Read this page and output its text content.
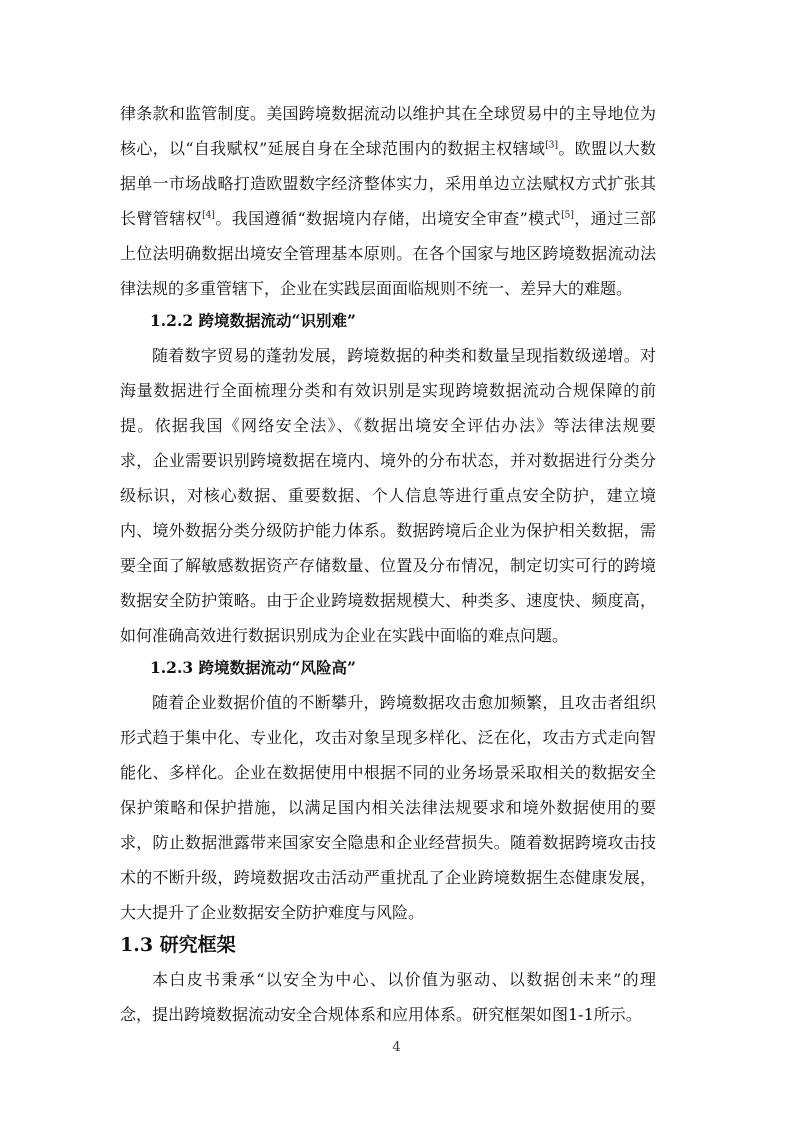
律条款和监管制度。美国跨境数据流动以维护其在全球贸易中的主导地位为
核心，以“自我赋权”延展自身在全球范围内的数据主权辖域[3]。欧盟以大数
据单一市场战略打造欧盟数字经济整体实力，采用单边立法赋权方式扩张其
长臂管辖权[4]。我国遵循“数据境内存储，出境安全审查”模式[5]，通过三部
上位法明确数据出境安全管理基本原则。在各个国家与地区跨境数据流动法
律法规的多重管辖下，企业在实践层面面临规则不统一、差异大的难题。
1.2.2 跨境数据流动“识别难”
随着数字贸易的蓬勃发展，跨境数据的种类和数量呈现指数级递增。对
海量数据进行全面梳理分类和有效识别是实现跨境数据流动合规保障的前
提。依据我国《网络安全法》、《数据出境安全评估办法》等法律法规要
求，企业需要识别跨境数据在境内、境外的分布状态，并对数据进行分类分
级标识，对核心数据、重要数据、个人信息等进行重点安全防护，建立境
内、境外数据分类分级防护能力体系。数据跨境后企业为保护相关数据，需
要全面了解敏感数据资产存储数量、位置及分布情况，制定切实可行的跨境
数据安全防护策略。由于企业跨境数据规模大、种类多、速度快、频度高，
如何准确高效进行数据识别成为企业在实践中面临的难点问题。
1.2.3 跨境数据流动“风险高”
随着企业数据价值的不断攀升，跨境数据攻击愈加频繁，且攻击者组织
形式趋于集中化、专业化，攻击对象呈现多样化、泛在化，攻击方式走向智
能化、多样化。企业在数据使用中根据不同的业务场景采取相关的数据安全
保护策略和保护措施，以满足国内相关法律法规要求和境外数据使用的要
求，防止数据泄露带来国家安全隐患和企业经营损失。随着数据跨境攻击技
术的不断升级，跨境数据攻击活动严重扰乱了企业跨境数据生态健康发展，
大大提升了企业数据安全防护难度与风险。
1.3 研究框架
本白皮书秉承“以安全为中心、以价值为驱动、以数据创未来”的理
念，提出跨境数据流动安全合规体系和应用体系。研究框架如图1-1所示。
4
